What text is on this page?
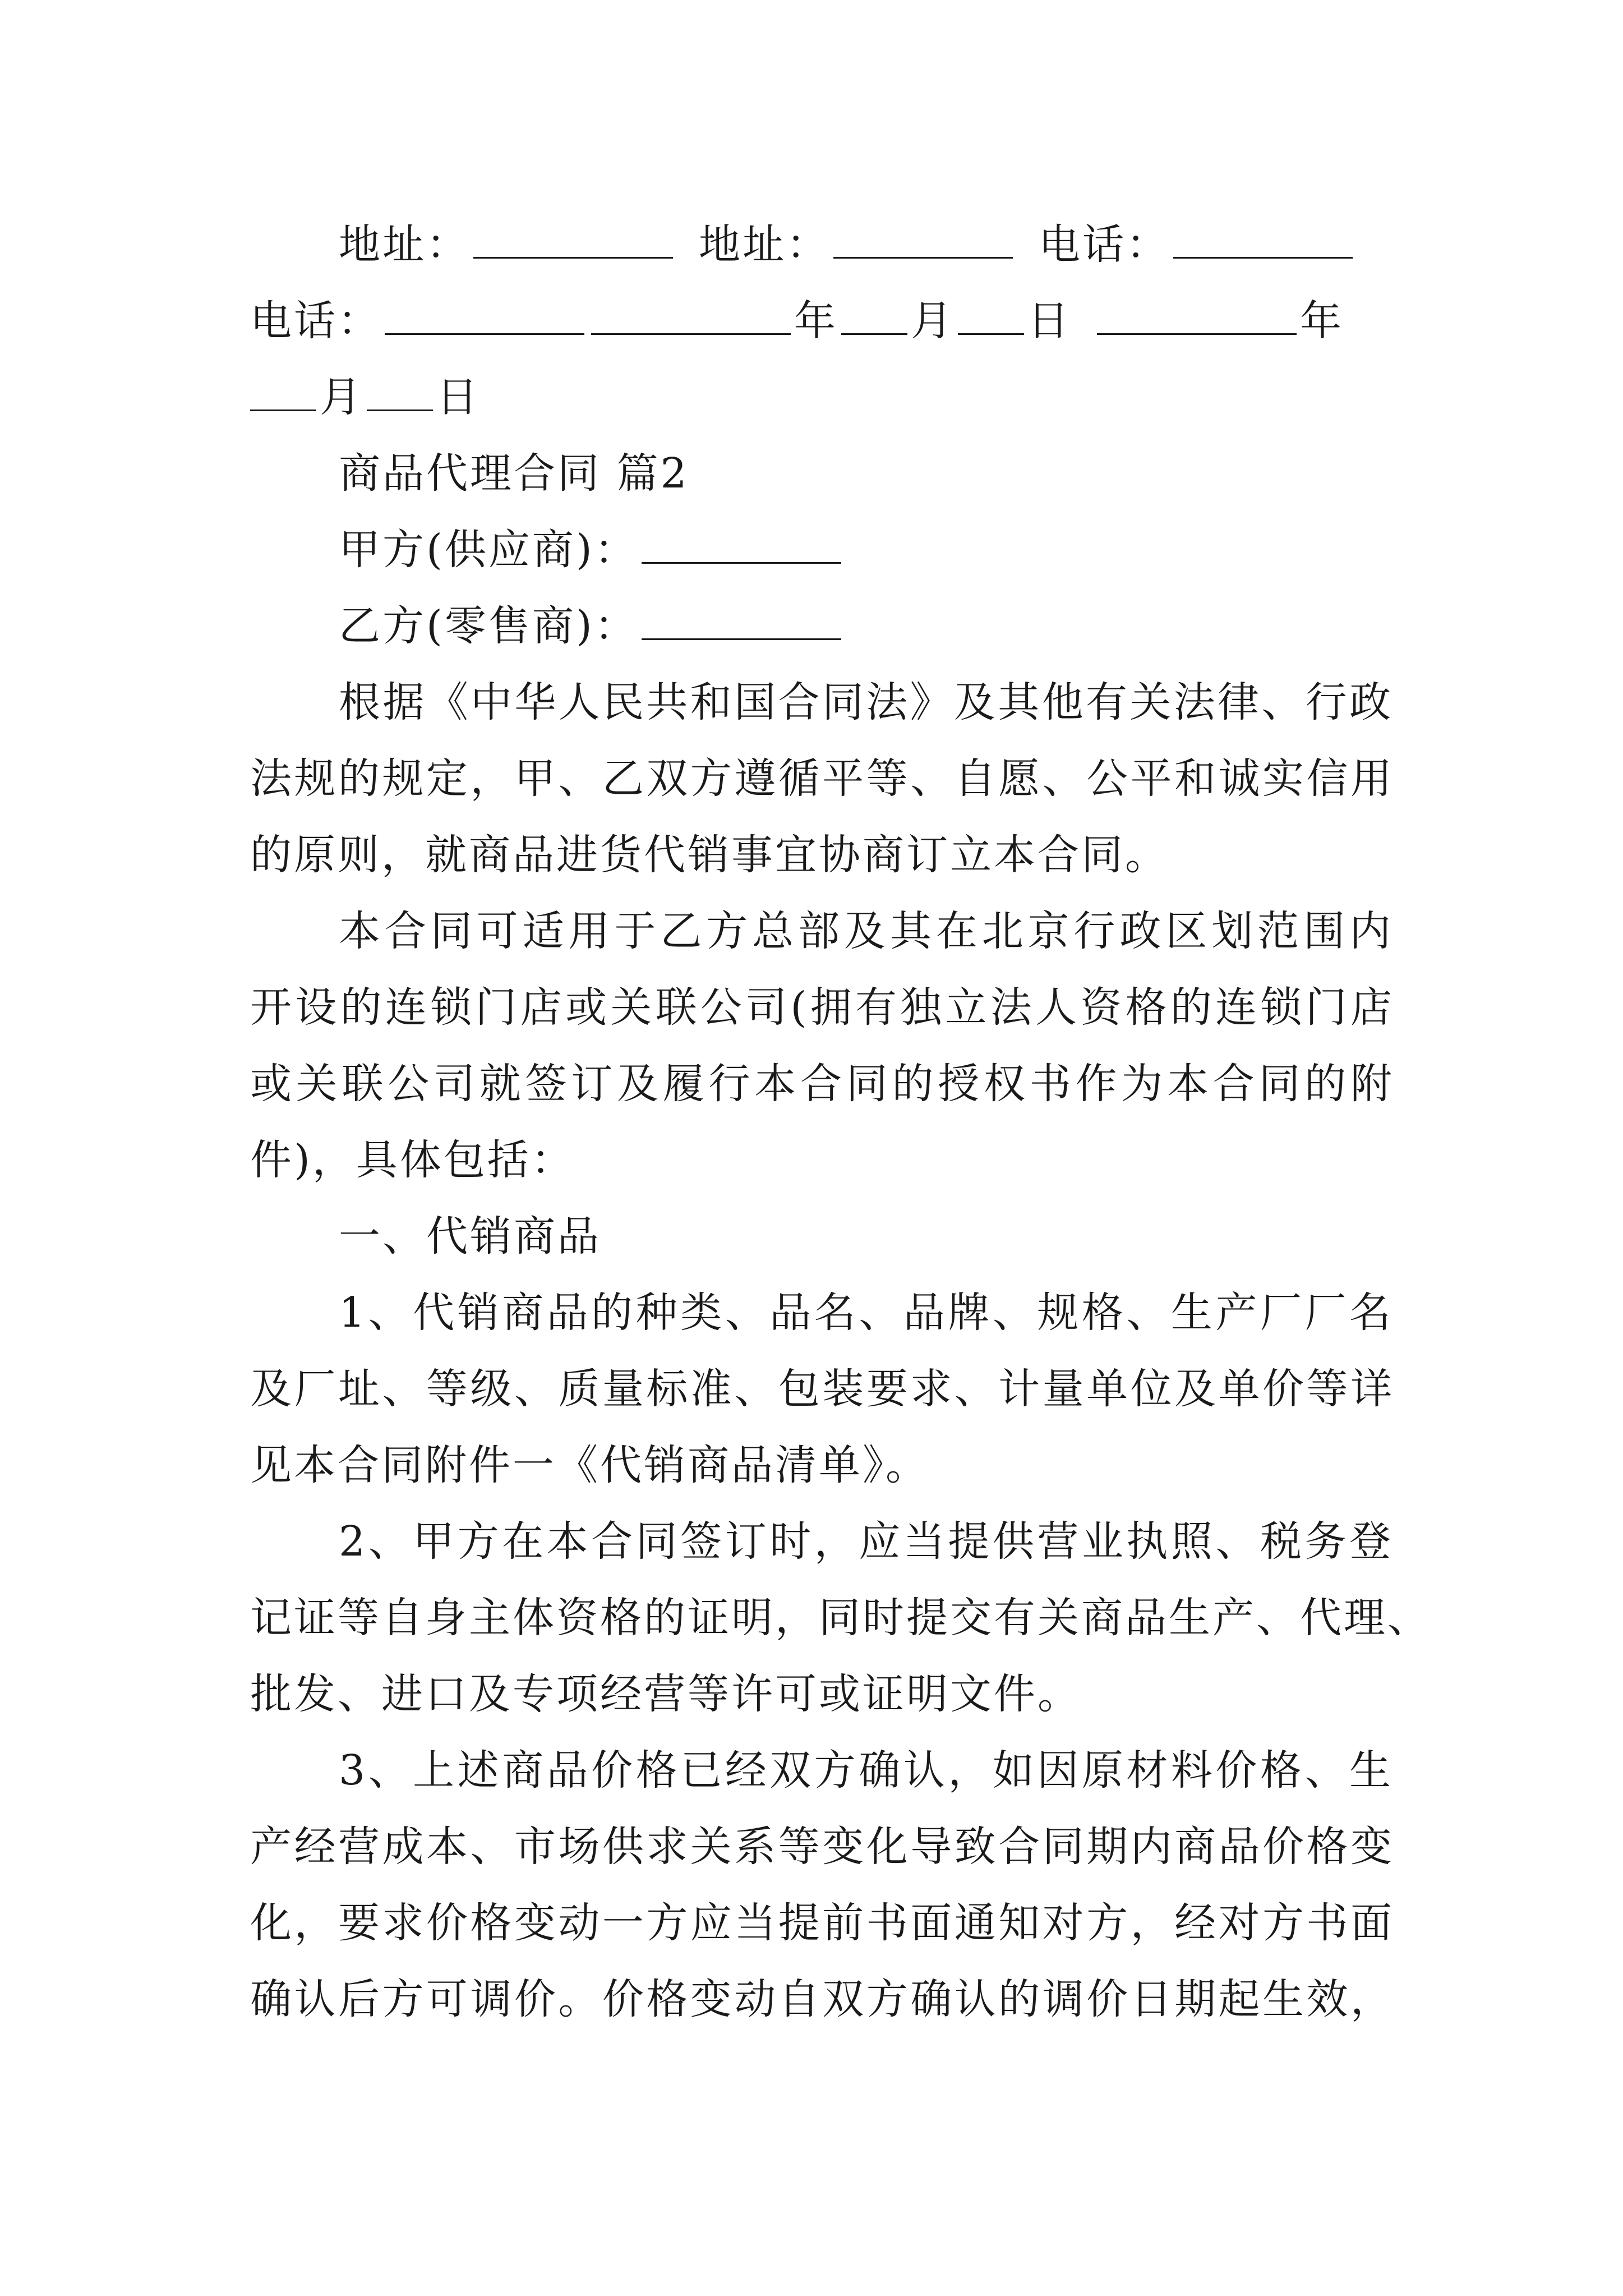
地址：	地址：	电话：
电话：	年 月 日	年
月 日
商品代理合同 篇2
甲方(供应商)：
乙方(零售商)：
根据《中华人民共和国合同法》及其他有关法律、行政
法规的规定，甲、乙双方遵循平等、自愿、公平和诚实信用
的原则，就商品进货代销事宜协商订立本合同。
本合同可适用于乙方总部及其在北京行政区划范围内
开设的连锁门店或关联公司(拥有独立法人资格的连锁门店
或关联公司就签订及履行本合同的授权书作为本合同的附
件)，具体包括：
一、代销商品
1、代销商品的种类、品名、品牌、规格、生产厂厂名
及厂址、等级、质量标准、包装要求、计量单位及单价等详
见本合同附件一《代销商品清单》。
2、甲方在本合同签订时，应当提供营业执照、税务登
记证等自身主体资格的证明，同时提交有关商品生产、代理、
批发、进口及专项经营等许可或证明文件。
3、上述商品价格已经双方确认，如因原材料价格、生
产经营成本、市场供求关系等变化导致合同期内商品价格变
化，要求价格变动一方应当提前书面通知对方，经对方书面
确认后方可调价。价格变动自双方确认的调价日期起生效，
